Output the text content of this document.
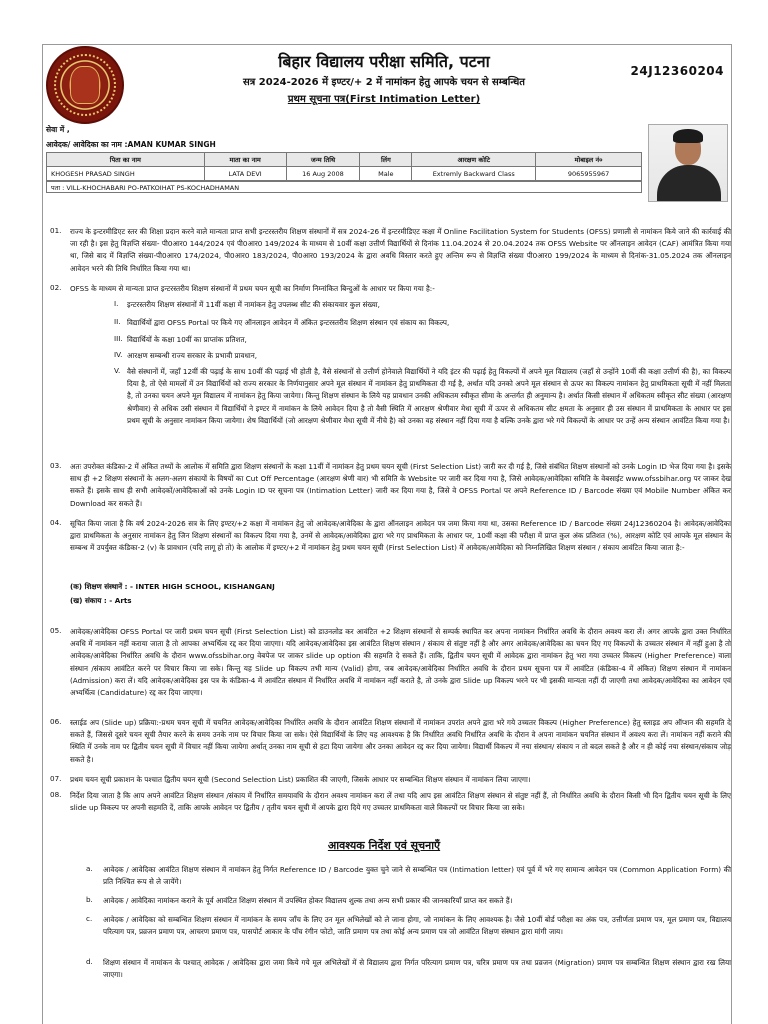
बिहार विद्यालय परीक्षा समिति, पटना
सत्र 2024-2026 में इण्टर/+ 2 में नामांकन हेतु आपके चयन से सम्बन्धित
प्रथम सूचना पत्र(First Intimation Letter)
24J12360204
सेवा में ,
आवेदक/ आवेदिका का नाम :AMAN KUMAR SINGH
पिता का नाम	माता का नाम	जन्म तिथि	लिंग	आरक्षण कोटि	मोबाइल नं०
KHOGESH PRASAD SINGH	LATA DEVI	16 Aug 2008	Male	Extremly Backward Class	9065955967
पता : VILL-KHOCHABARI PO-PATKOIHAT PS-KOCHADHAMAN
01. राज्य के इन्टरमीडिएट स्तर की शिक्षा प्रदान करने वाले मान्यता प्राप्त सभी इन्टरस्तरीय शिक्षण संस्थानों में सत्र 2024-26 में इन्टरमीडिएट कक्षा में Online Facilitation System for Students (OFSS) प्रणाली से नामांकन किये जाने की कार्रवाई की जा रही है। इस हेतु विज्ञप्ति संख्या- पी0आर0 144/2024 एवं पी0आर0 149/2024 के माध्यम से 10वीं कक्षा उत्तीर्ण विद्यार्थियों से दिनांक 11.04.2024 से 20.04.2024 तक OFSS Website पर ऑनलाइन आवेदन (CAF) आमंत्रित किया गया था, जिसे बाद में विज्ञप्ति संख्या-पी0आर0 174/2024, पी0आर0 183/2024, पी0आर0 193/2024 के द्वारा अवधि विस्तार करते हुए अन्तिम रूप से विज्ञप्ति संख्या पी0आर0 199/2024 के माध्यम से दिनांक-31.05.2024 तक ऑनलाइन आवेदन भरने की तिथि निर्धारित किया गया था।
02. OFSS के माध्यम से मान्यता प्राप्त इन्टरस्तरीय शिक्षण संस्थानों में प्रथम चयन सूची का निर्माण निम्नांकित बिन्दुओं के आधार पर किया गया है:-
I. इन्टरस्तरीय शिक्षण संस्थानों में 11वीं कक्षा में नामांकन हेतु उपलब्ध सीट की संकायवार कुल संख्या,
II. विद्यार्थियों द्वारा OFSS Portal पर किये गए ऑनलाइन आवेदन में अंकित इन्टरस्तरीय शिक्षण संस्थान एवं संकाय का विकल्प,
III. विद्यार्थियों के कक्षा 10वीं का प्राप्तांक प्रतिशत,
IV. आरक्षण सम्बन्धी राज्य सरकार के प्रभावी प्रावधान,
V. वैसे संस्थानों में, जहाँ 12वीं की पढ़ाई के साथ 10वीं की पढ़ाई भी होती है, वैसे संस्थानों से उत्तीर्ण होनेवाले विद्यार्थियों ने यदि इंटर की पढ़ाई हेतु विकल्पों में अपने मूल विद्यालय (जहाँ से उन्होंने 10वीं की कक्षा उत्तीर्ण की है), का विकल्प दिया है, तो ऐसे मामलों में उन विद्यार्थियों को राज्य सरकार के निर्णयानुसार अपने मूल संस्थान में नामांकन हेतु प्राथमिकता दी गई है, अर्थात यदि उनको अपने मूल संस्थान से ऊपर का विकल्प नामांकन हेतु प्राथमिकता सूची में नहीं मिलता है, तो उनका चयन अपने मूल विद्यालय में नामांकन हेतु किया जायेगा। किन्तु शिक्षण संस्थान के लिये यह प्रावधान उनकी अधिकतम स्वीकृत सीमा के अन्तर्गत ही अनुमान्य है। अर्थात किसी संस्थान में अधिकतम स्वीकृत सीट संख्या (आरक्षण श्रेणीवार) से अधिक उसी संस्थान में विद्यार्थियों ने इण्टर में नामांकन के लिये आवेदन दिया है तो वैसी स्थिति में आरक्षण श्रेणीवार मेधा सूची में ऊपर से अधिकतम सीट क्षमता के अनुसार ही उस संस्थान में प्राथमिकता के आधार पर इस प्रथम सूची के अनुसार नामांकन किया जायेगा। शेष विद्यार्थियों (जो आरक्षण श्रेणीवार मेधा सूची में नीचे है) को उनका वह संस्थान नहीं दिया गया है बल्कि उनके द्वारा भरे गये विकल्पों के आधार पर उन्हें अन्य संस्थान आवंटित किया गया है।
03. अतः उपरोक्त कंडिका-2 में अंकित तथ्यों के आलोक में समिति द्वारा शिक्षण संस्थानों के कक्षा 11वीं में नामांकन हेतु प्रथम चयन सूची (First Selection List) जारी कर दी गई है, जिसे संबंधित शिक्षण संस्थानों को उनके Login ID भेज दिया गया है। इसके साथ ही +2 शिक्षण संस्थानों के अलग-अलग संकायों के विषयों का Cut Off Percentage (आरक्षण श्रेणी वार) भी समिति के Website पर जारी कर दिया गया है, जिसे आवेदक/आवेदिका समिति के वेबसाईट www.ofssbihar.org पर जाकर देख सकते हैं। इसके साथ ही सभी आवेदकों/आवेदिकाओं को उनके Login ID पर सूचना पत्र (Intimation Letter) जारी कर दिया गया है, जिसे वे OFSS Portal पर अपने Reference ID / Barcode संख्या एवं Mobile Number अंकित कर Download कर सकते हैं।
04. सूचित किया जाता है कि वर्ष 2024-2026 सत्र के लिए इण्टर/+2 कक्षा में नामांकन हेतु जो आवेदक/आवेदिका के द्वारा ऑनलाइन आवेदन पत्र जमा किया गया था, उसका Reference ID / Barcode संख्या 24J12360204 है। आवेदक/आवेदिका द्वारा प्राथमिकता के अनुसार नामांकन हेतु जिन शिक्षण संस्थानों का विकल्प दिया गया है, उनमें से आवेदक/आवेदिका द्वारा भरे गए प्राथमिकता के आधार पर, 10वीं कक्षा की परीक्षा में प्राप्त कुल अंक प्रतिशत (%), आरक्षण कोटि एवं आपके मूल संस्थान के सम्बन्ध में उपर्युक्त कंडिका-2 (v) के प्रावधान (यदि लागू हो तो) के आलोक में इण्टर/+2 में नामांकन हेतु प्रथम चयन सूची (First Selection List) में आवेदक/आवेदिका को निम्नलिखित शिक्षण संस्थान / संकाय आवंटित किया जाता है:-
(क) शिक्षण संस्थानें : - INTER HIGH SCHOOL, KISHANGANJ
(ख) संकाय : - Arts
05. आवेदक/आवेदिका OFSS Portal पर जारी प्रथम चयन सूची (First Selection List) को डाउनलोड कर आवंटित +2 शिक्षण संस्थानों से सम्पर्क स्थापित कर अपना नामांकन निर्धारित अवधि के दौरान अवश्य करा लें। अगर आपके द्वारा उक्त निर्धारित अवधि में नामांकन नहीं कराया जाता है तो आपका अभ्यर्थित्व रद्द कर दिया जाएगा। यदि आवेदक/आवेदिका इस आवंटित शिक्षण संस्थान / संकाय से संतुष्ट नहीं है और अगर आवेदक/आवेदिका का चयन दिए गए विकल्पों के उच्चतर संस्थान में नहीं हुआ है तो आवेदक/आवेदिका निर्धारित अवधि के दौरान www.ofssbihar.org वेबपेज पर जाकर slide up option की सहमति दे सकते हैं। ताकि, द्वितीय चयन सूची में आवेदक द्वारा नामांकन हेतु भरा गया उच्चतर विकल्प (Higher Preference) वाला संस्थान /संकाय आवंटित करने पर विचार किया जा सके। किन्तु यह Slide up विकल्प तभी मान्य (Valid) होगा, जब आवेदक/आवेदिका निर्धारित अवधि के दौरान प्रथम सूचना पत्र में आवंटित (कंडिका-4 में अंकित) शिक्षण संस्थान में नामांकन (Admission) करा लें। यदि आवेदक/आवेदिका इस पत्र के कंडिका-4 में आवंटित संस्थान में निर्धारित अवधि में नामांकन नहीं कराते है, तो उनके द्वारा Slide up विकल्प भरने पर भी इसकी मान्यता नहीं दी जाएगी तथा आवेदक/आवेदिका का आवेदन एवं अभ्यर्थित्व (Candidature) रद्द कर दिया जाएगा।
06. स्लाईड अप (Slide up) प्रक्रिया:-प्रथम चयन सूची में चयनित आवेदक/आवेदिका निर्धारित अवधि के दौरान आवंटित शिक्षण संस्थानों में नामांकन उपरांत अपने द्वारा भरे गये उच्चतर विकल्प (Higher Preference) हेतु स्लाइड अप ऑप्शन की सहमति दे सकते हैं, जिससे दूसरे चयन सूची तैयार करने के समय उनके नाम पर विचार किया जा सके। ऐसे विद्यार्थियों के लिए यह आवश्यक है कि निर्धारित अवधि निर्धारित अवधि के दौरान वे अपना नामांकन चयनित संस्थान में अवश्य करा लें। नामांकन नहीं कराने की स्थिति में उनके नाम पर द्वितीय चयन सूची में विचार नहीं किया जायेगा अर्थात् उनका नाम सूची से हटा दिया जायेगा और उनका आवेदन रद्द कर दिया जायेगा। विद्यार्थी विकल्प में नया संस्थान/ संकाय न तो बदल सकते है और न ही कोई नया संस्थान/संकाय जोड़ सकते है।
07. प्रथम चयन सूची प्रकाशन के पश्चात द्वितीय चयन सूची (Second Selection List) प्रकाशित की जाएगी, जिसके आधार पर सम्बन्धित शिक्षण संस्थान में नामांकन लिया जाएगा।
08. निर्देश दिया जाता है कि आप अपने आवंटित शिक्षण संस्थान /संकाय में निर्धारित समयावधि के दौरान अवश्य नामांकन करा लें तथा यदि आप इस आवंटित शिक्षण संस्थान से संतुष्ट नहीं हैं, तो निर्धारित अवधि के दौरान किसी भी दिन द्वितीय चयन सूची के लिए slide up विकल्प पर अपनी सहमति दें, ताकि आपके आवेदन पर द्वितीय / तृतीय चयन सूची में आपके द्वारा दिये गए उच्चतर प्राथमिकता वाले विकल्पों पर विचार किया जा सके।
आवश्यक निर्देश एवं सूचनाएँ
a. आवेदक / आवेदिका आवंटित शिक्षण संस्थान में नामांकन हेतु निर्गत Reference ID / Barcode युक्त चुने जाने से सम्बन्धित पत्र (Intimation letter) एवं पूर्व में भरे गए सामान्य आवेदन पत्र (Common Application Form) की प्रति निश्चित रूप से ले जायेंगे।
b. आवेदक / आवेदिका नामांकन कराने के पूर्व आवंटित शिक्षण संस्थान में उपस्थित होकर विद्यालय शुल्क तथा अन्य सभी प्रकार की जानकारियाँ प्राप्त कर सकते हैं।
c. आवेदक / आवेदिका को सम्बन्धित शिक्षण संस्थान में नामांकन के समय जाँच के लिए उन मूल अभिलेखों को ले जाना होगा, जो नामांकन के लिए आवश्यक है। जैसे 10वीं बोर्ड परीक्षा का अंक पत्र, उत्तीर्णता प्रमाण पत्र, मूल प्रमाण पत्र, विद्यालय परित्याग पत्र, प्रव्रजन प्रमाण पत्र, आचरण प्रमाण पत्र, पासपोर्ट आकार के पाँच रंगीन फोटो, जाति प्रमाण पत्र तथा कोई अन्य प्रमाण पत्र जो आवंटित शिक्षण संस्थान द्वारा मांगी जाय।
d. शिक्षण संस्थान में नामांकन के पश्चात् आवेदक / आवेदिका द्वारा जमा किये गये मूल अभिलेखों में से विद्यालय द्वारा निर्गत परित्याग प्रमाण पत्र, चरित्र प्रमाण पत्र तथा प्रव्रजन (Migration) प्रमाण पत्र सम्बन्धित शिक्षण संस्थान द्वारा रख लिया जाएगा।
